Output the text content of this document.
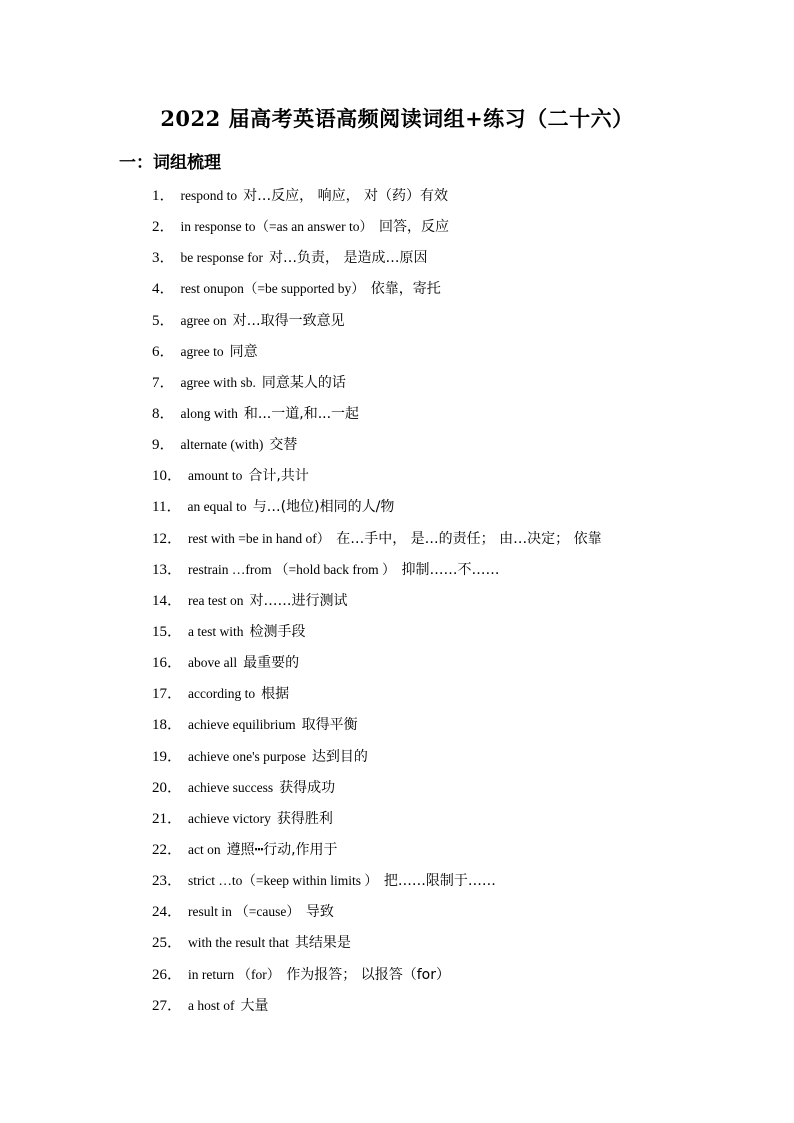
2022 届高考英语高频阅读词组+练习（二十六）
一：词组梳理
1． respond to 对…反应， 响应， 对（药）有效
2． in response to（=as an answer to） 回答，反应
3． be response for 对…负责， 是造成…原因
4． rest onupon（=be supported by） 依靠，寄托
5． agree on 对…取得一致意见
6． agree to 同意
7． agree with sb. 同意某人的话
8． along with 和...一道,和...一起
9． alternate (with) 交替
10． amount to 合计,共计
11． an equal to 与…(地位)相同的人/物
12． rest with =be in hand of） 在…手中， 是…的责任； 由…决定； 依靠
13． restrain …from （=hold back from ） 抑制……不……
14． rea test on 对……进行测试
15． a test with 检测手段
16． above all 最重要的
17． according to 根据
18． achieve equilibrium 取得平衡
19． achieve one's purpose 达到目的
20． achieve success 获得成功
21． achieve victory 获得胜利
22． act on 遵照┅行动,作用于
23． strict …to（=keep within limits ） 把……限制于……
24． result in （=cause） 导致
25． with the result that 其结果是
26． in return （for） 作为报答； 以报答（for）
27． a host of 大量
